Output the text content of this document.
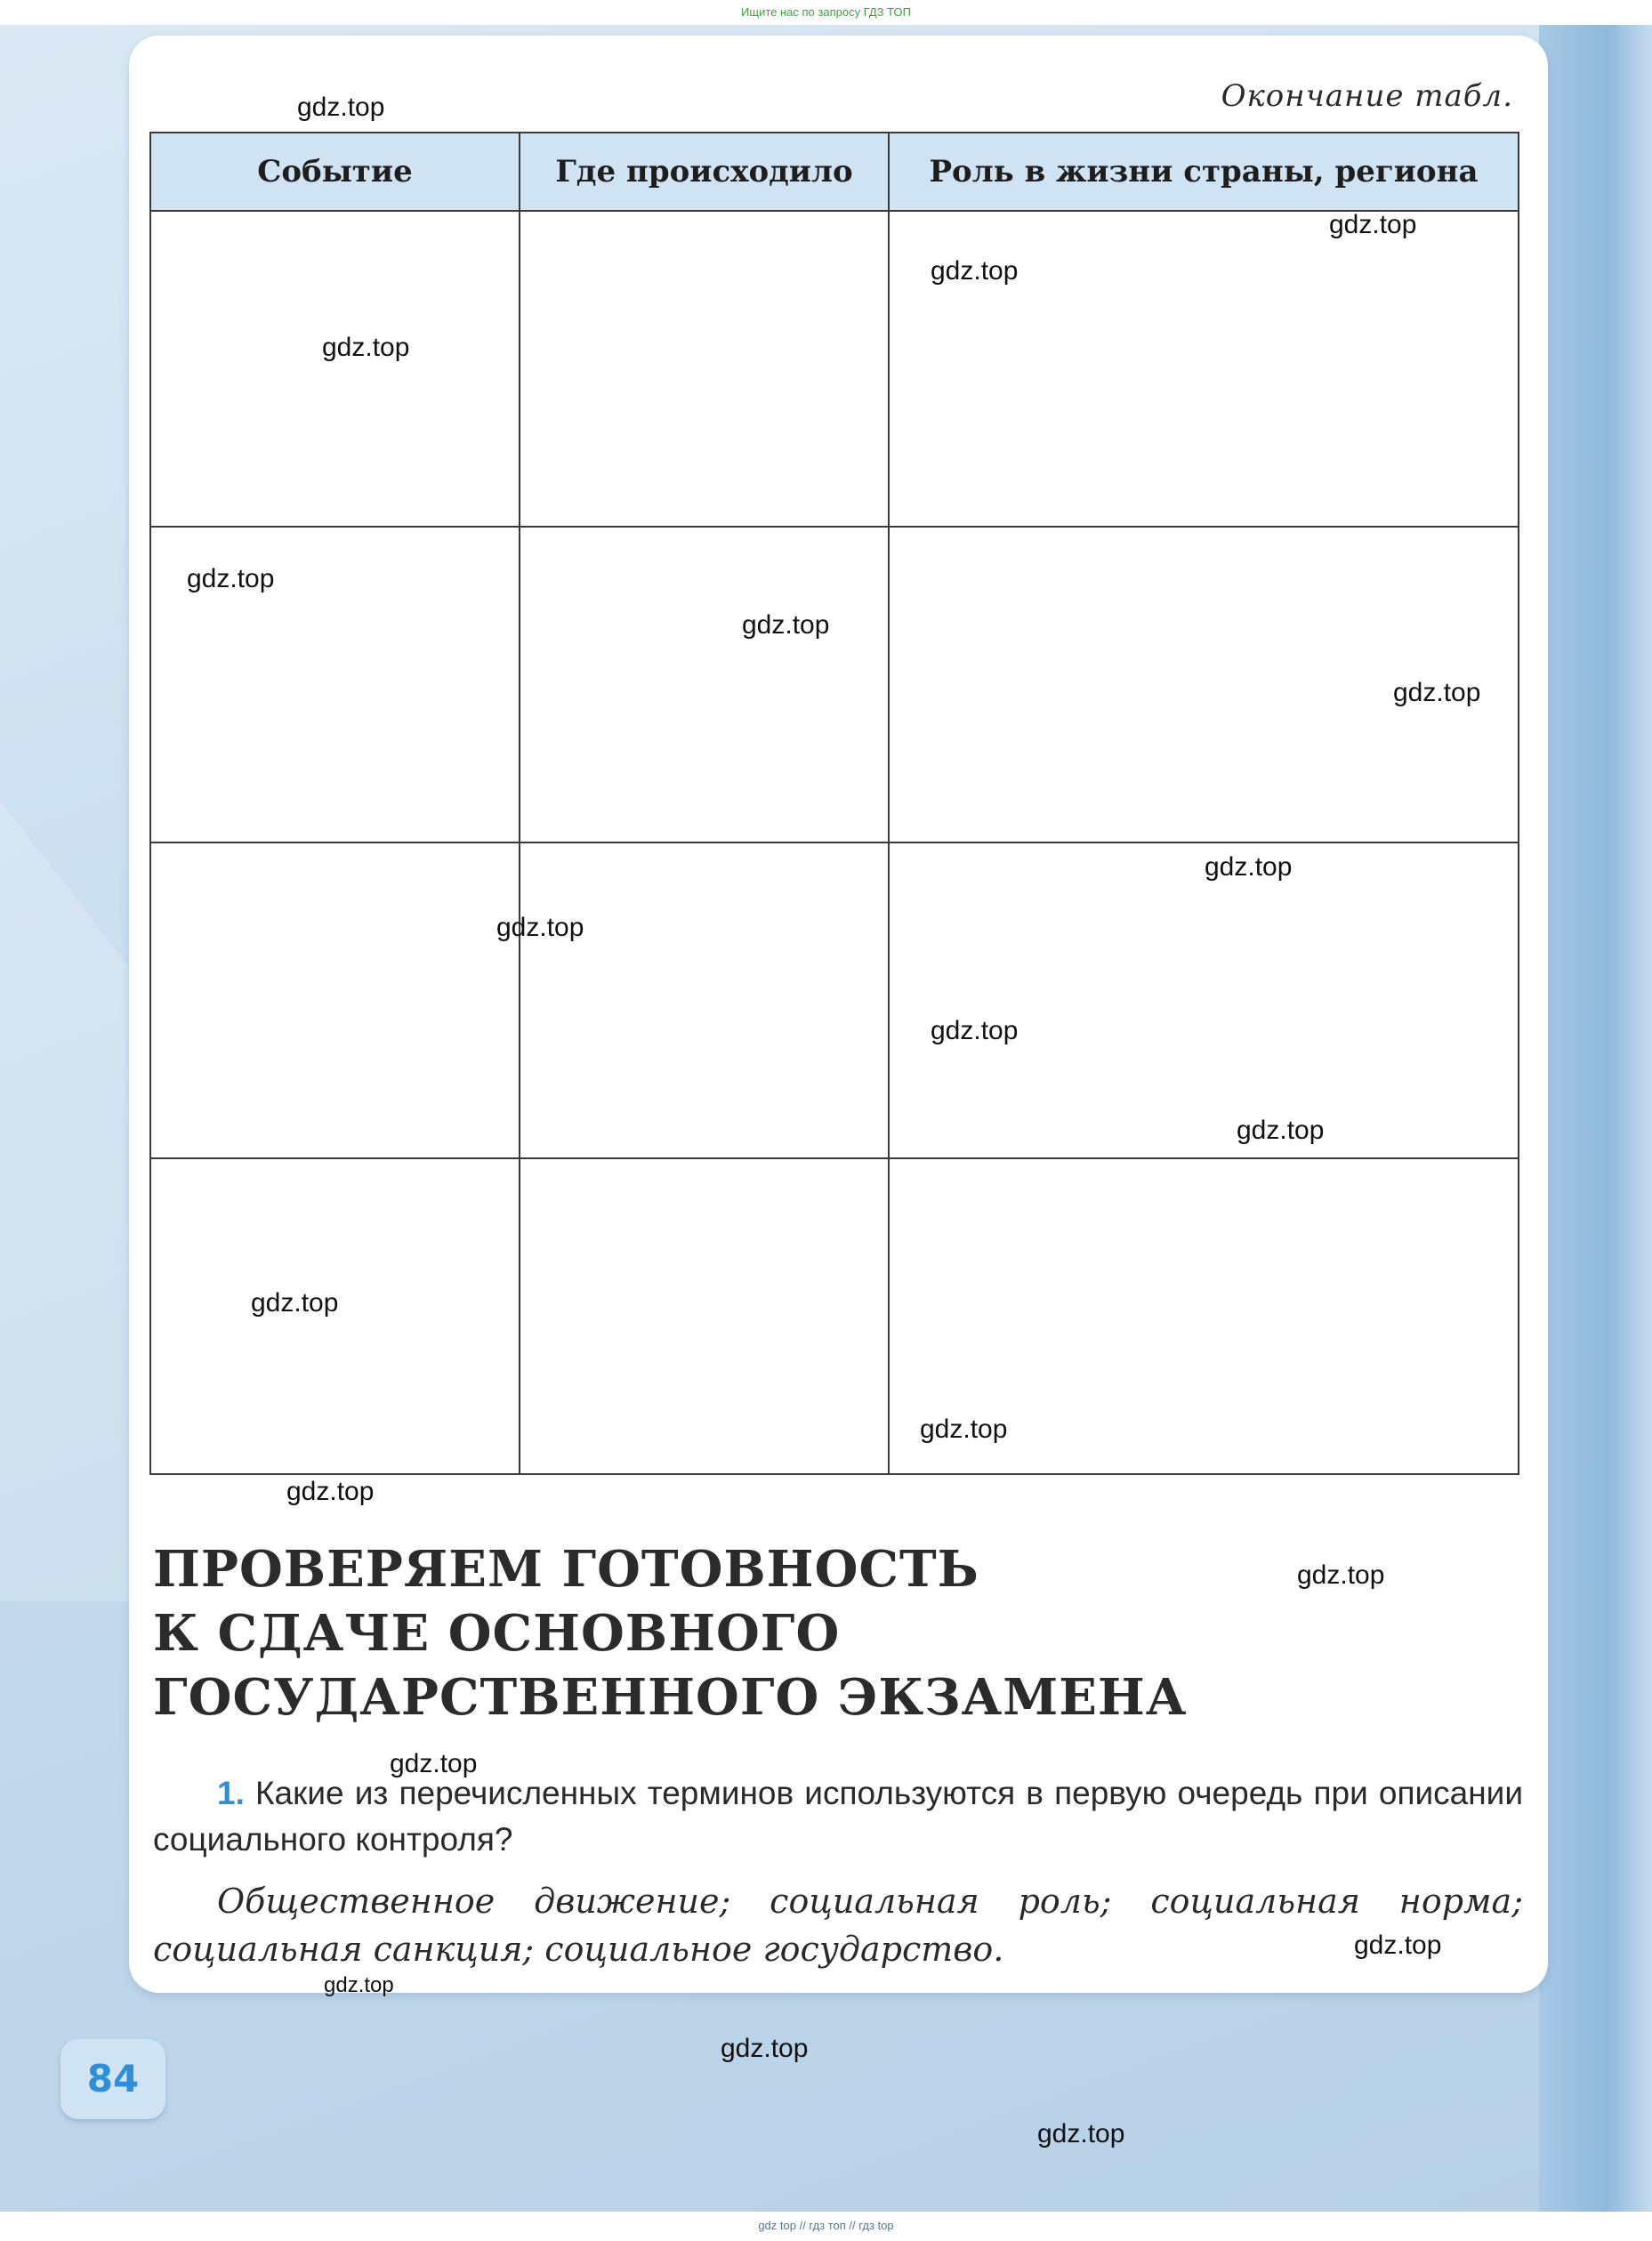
Ищите нас по запросу ГДЗ ТОП
Окончание табл.
Событие	Где происходило	Роль в жизни страны, региона

ПРОВЕРЯЕМ ГОТОВНОСТЬ
К СДАЧЕ ОСНОВНОГО
ГОСУДАРСТВЕННОГО ЭКЗАМЕНА
1. Какие из перечисленных терминов используются в первую очередь при описании социального контроля?
Общественное движение; социальная роль; социальная норма; социальная санкция; социальное государство.
84
gdz.top
gdz.top
gdz.top
gdz.top
gdz.top
gdz.top
gdz.top
gdz.top
gdz.top
gdz.top
gdz.top
gdz.top
gdz.top
gdz.top
gdz.top
gdz.top
gdz.top
gdz.top
gdz.top
gdz.top
gdz top // гдз топ // гдз top
